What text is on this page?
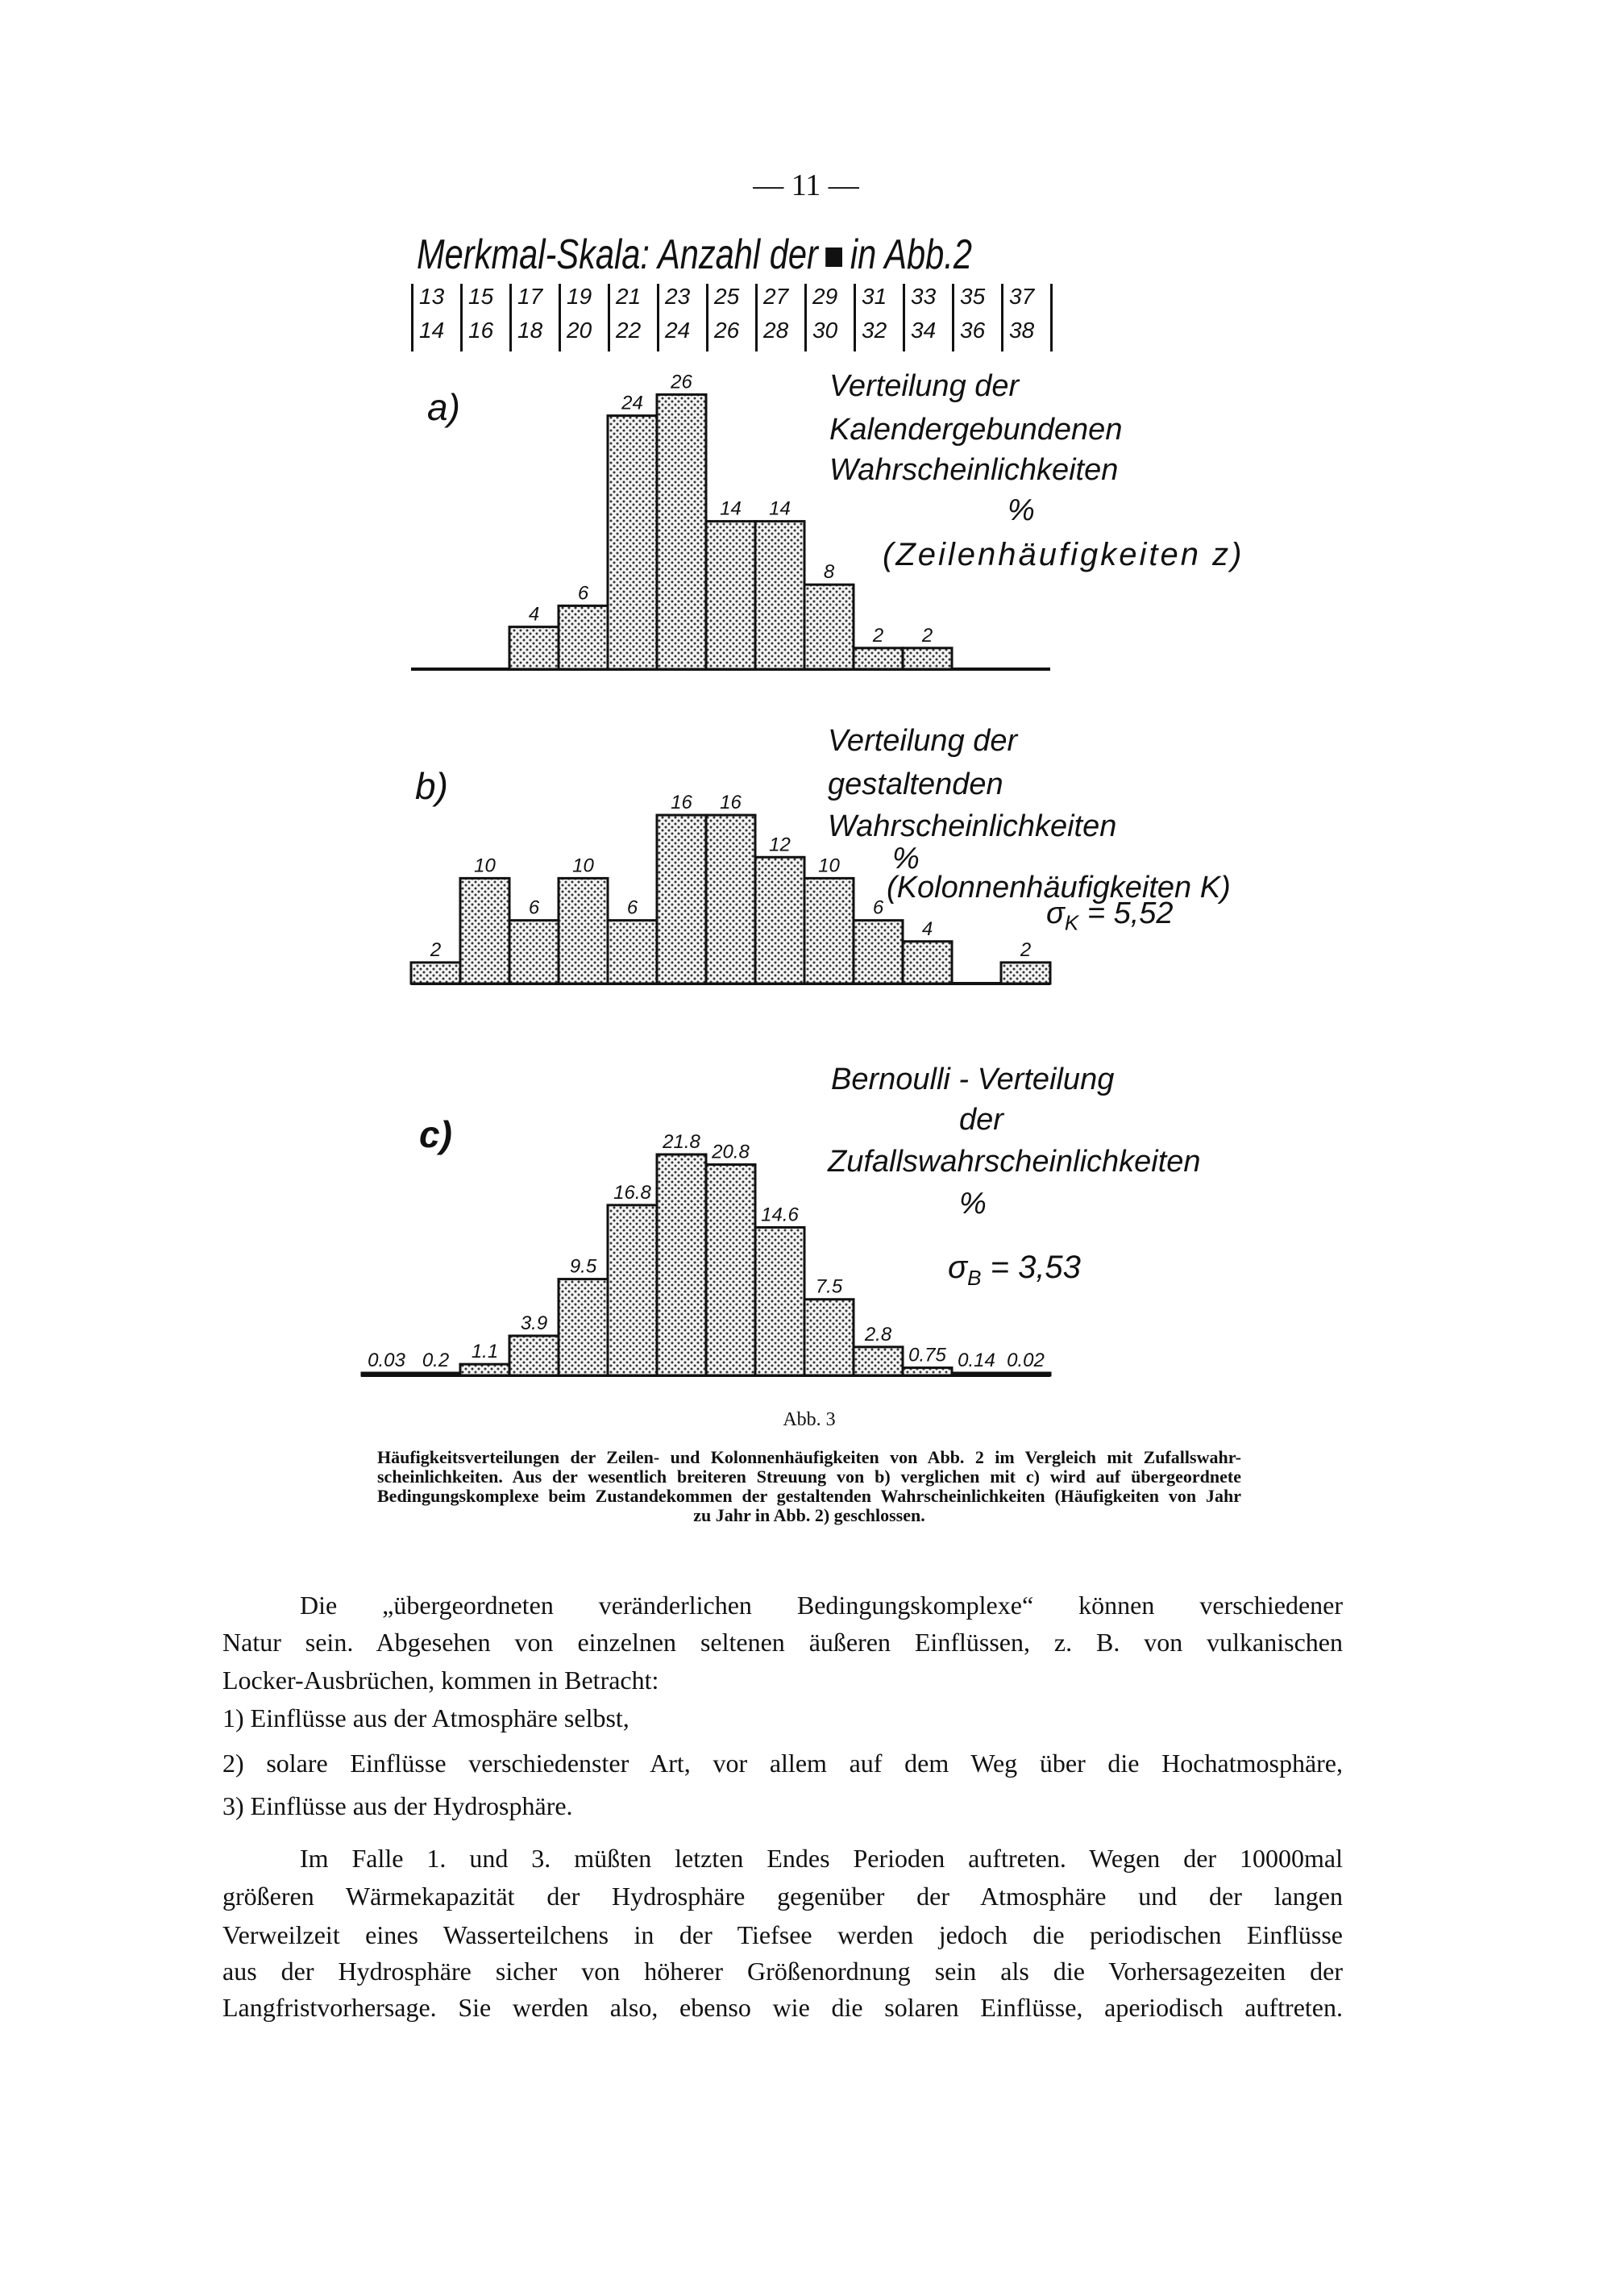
— 11 —
Merkmal-Skala: Anzahl der in Abb.2
13
14
15
16
17
18
19
20
21
22
23
24
25
26
27
28
29
30
31
32
33
34
35
36
37
38
4
6
24
26
14 14
8
2 2
2
10
6
10
6
16 16
12
10
6
4
2
0.03 0.2 1.1
3.9
9.5
16.8
21.8 20.8
14.6
7.5
2.8
0.75 0.14 0.02
a)	Verteilung der
Kalendergebundenen
Wahrscheinlichkeiten
%
(Zeilenhäufigkeiten z)
b)
Verteilung der
gestaltenden
Wahrscheinlichkeiten
%
(Kolonnenhäufigkeiten K)
$\sigma_K = 5,52$
c)
Bernoulli - Verteilung
der
Zufallswahrscheinlichkeiten
%
$\sigma_B = 3,53$
Abb. 3
Häufigkeitsverteilungen der Zeilen- und Kolonnenhäufigkeiten von Abb. 2 im Vergleich mit Zufallswahr-
scheinlichkeiten. Aus der wesentlich breiteren Streuung von b) verglichen mit c) wird auf übergeordnete
Bedingungskomplexe beim Zustandekommen der gestaltenden Wahrscheinlichkeiten (Häufigkeiten von Jahr
zu Jahr in Abb. 2) geschlossen.
Die „übergeordneten veränderlichen Bedingungskomplexe“ können verschiedener
Natur sein. Abgesehen von einzelnen seltenen äußeren Einflüssen, z. B. von vulkanischen
Locker-Ausbrüchen, kommen in Betracht:
1) Einflüsse aus der Atmosphäre selbst,
2) solare Einflüsse verschiedenster Art, vor allem auf dem Weg über die Hochatmosphäre,
3) Einflüsse aus der Hydrosphäre.
Im Falle 1. und 3. müßten letzten Endes Perioden auftreten. Wegen der 10000mal
größeren Wärmekapazität der Hydrosphäre gegenüber der Atmosphäre und der langen
Verweilzeit eines Wasserteilchens in der Tiefsee werden jedoch die periodischen Einflüsse
aus der Hydrosphäre sicher von höherer Größenordnung sein als die Vorhersagezeiten der
Langfristvorhersage. Sie werden also, ebenso wie die solaren Einflüsse, aperiodisch auftreten.
